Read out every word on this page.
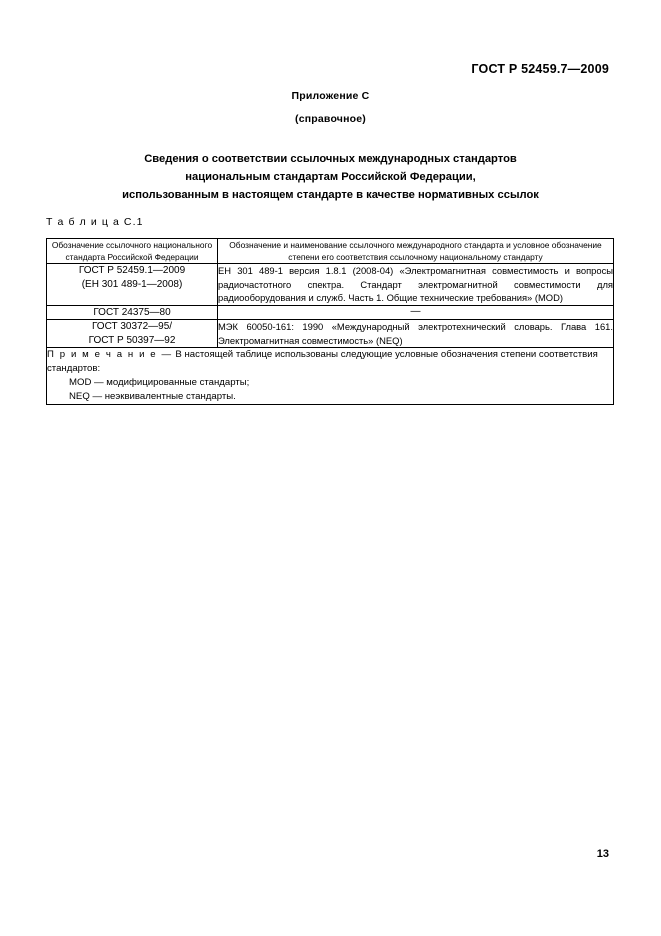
ГОСТ Р 52459.7—2009
Приложение С
(справочное)
Сведения о соответствии ссылочных международных стандартов
национальным стандартам Российской Федерации,
использованным в настоящем стандарте в качестве нормативных ссылок
Т а б л и ц а С.1
Обозначение ссылочного национального стандарта Российской Федерации	Обозначение и наименование ссылочного международного стандарта и условное обозначение степени его соответствия ссылочному национальному стандарту

ГОСТ Р 52459.1—2009
(ЕН 301 489-1—2008)	ЕН 301 489-1 версия 1.8.1 (2008-04) «Электромагнитная совместимость и вопросы радиочастотного спектра. Стандарт электромагнитной совместимости для радиооборудования и служб. Часть 1. Общие технические требования» (MOD)

ГОСТ 24375—80	—

ГОСТ 30372—95/
ГОСТ Р 50397—92	МЭК 60050-161: 1990 «Международный электротехнический словарь. Глава 161. Электромагнитная совместимость» (NEQ)

П р и м е ч а н и е — В настоящей таблице использованы следующие условные обозначения степени соответствия стандартов:
MOD — модифицированные стандарты;
NEQ — неэквивалентные стандарты.	
13
